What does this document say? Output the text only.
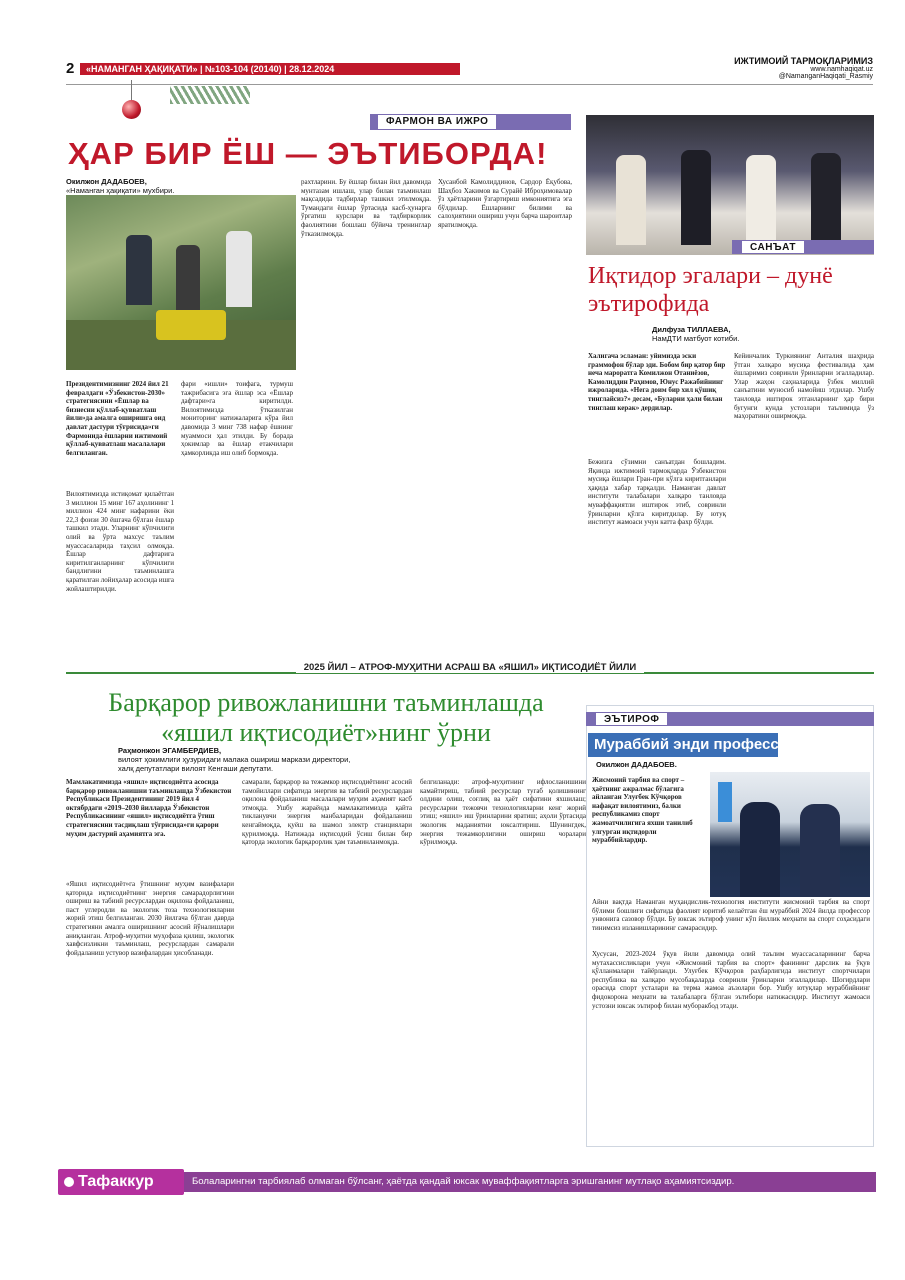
2	«НАМАНГАН ҲАҚИҚАТИ» | №103-104 (20140) | 28.12.2024
ИЖТИМОИЙ ТАРМОҚЛАРИМИЗ
www.namhaqiqat.uz
@NamanganHaqiqati_Rasmiy
ФАРМОН ВА ИЖРО
ҲАР БИР ЁШ — ЭЪТИБОРДА!
Окилжон ДАДАБОЕВ,
«Наманган ҳақиқати» мухбири.
Президентимизнинг 2024 йил 21 февралдаги «Ўзбекистон-2030» стратегиясини «Ёшлар ва бизнесни қўллаб-қувватлаш йили»да амалга оширишга оид давлат дастури тўғрисида»ги Фармонида ёшларни ижтимоий қўллаб-қувватлаш масалалари белгиланган.
Вилоятимизда истиқомат қилаётган 3 миллион 15 минг 167 аҳолининг 1 миллион 424 минг нафарини ёки 22,3 фоизи 30 ёшгача бўлган ёшлар ташкил этади. Уларнинг кўпчилиги олий ва ўрта махсус таълим муассасаларида таҳсил олмоқда. Ёшлар дафтарига киритилганларнинг кўпчилиги бандлигини таъминлашга қаратилган лойиҳалар асосида ишга жойлаштирилди.
фари «ишли» тоифага, турмуш тажрибасига эга ёшлар эса «Ёшлар дафтари»га киритилди. Вилоятимизда ўтказилган мониторинг натижаларига кўра йил давомида 3 минг 738 нафар ёшнинг муаммоси ҳал этилди. Бу борада ҳокимлар ва ёшлар етакчилари ҳамкорликда иш олиб бормоқда.
рахтларини. Бу ёшлар билан йил давомида мунтазам ишлаш, улар билан таъминлаш мақсадида тадбирлар ташкил этилмоқда. Тумандаги ёшлар ўртасида касб-ҳунарга ўргатиш курслари ва тадбиркорлик фаолиятини бошлаш бўйича тренинглар ўтказилмоқда.
Хусанбой Камолиддинов, Сардор Ёқубова, Шаҳбоз Хакимов ва Сурайё Иброҳимовалар ўз ҳаётларини ўзгартириш имкониятига эга бўлдилар. Ёшларнинг билими ва салоҳиятини ошириш учун барча шароитлар яратилмоқда.
САНЪАТ
Иқтидор эгалари – дунё эътирофида
Дилфуза ТИЛЛАЕВА,
НамДТИ матбуот котиби.
Халигача эсламан: уйимизда эски граммофон бўлар эди. Бобом бир қатор бир неча мароратга Комилжон Отаниёзов, Камолиддин Раҳимов, Юнус Ражабийнинг ижроларида. «Нега доим бир хил қўшиқ тинглайсиз?» десам, «Буларни ҳали билан тинглаш керак» дердилар.
Бежизга сўзимни санъатдан бошладим. Яқинда ижтимоий тармоқларда Ўзбекистон мусиқа ёшлари Гран-при кўлга киритганлари ҳақида хабар тарқалди. Наманган давлат институти талабалари халқаро танловда муваффақиятли иштирок этиб, совринли ўринларни қўлга киритдилар. Бу ютуқ институт жамоаси учун катта фахр бўлди.
Кейинчалик Туркиянинг Анталия шаҳрида ўтган халқаро мусиқа фестивалида ҳам ёшларимиз совринли ўринларни эгалладилар. Улар жаҳон саҳналарида ўзбек миллий санъатини муносиб намойиш этдилар. Ушбу танловда иштирок этганларнинг ҳар бири бугунги кунда устозлари таълимида ўз маҳоратини оширмоқда.
2025 ЙИЛ – АТРОФ-МУҲИТНИ АСРАШ ВА «ЯШИЛ» ИҚТИСОДИЁТ ЙИЛИ
Барқарор ривожланишни таъминлашда
«яшил иқтисодиёт»нинг ўрни
Раҳмонжон ЭГАМБЕРДИЕВ,
вилоят ҳокимлиги ҳузуридаги малака ошириш маркази директори,
халқ депутатлари вилоят Кенгаши депутати.
Мамлакатимизда «яшил» иқтисодиётга асосида барқарор ривожланишни таъминлашда Ўзбекистон Республикаси Президентининг 2019 йил 4 октябрдаги «2019–2030 йилларда Ўзбекистон Республикасининг «яшил» иқтисодиётга ўтиш стратегиясини тасдиқлаш тўғрисида»ги қарори муҳим дастурий аҳамиятга эга.
«Яшил иқтисодиёт»га ўтишнинг муҳим вазифалари қаторида иқтисодиётнинг энергия самарадорлигини ошириш ва табиий ресурслардан оқилона фойдаланиш, паст углеродли ва экологик тоза технологияларни жорий этиш белгиланган. 2030 йилгача бўлган даврда стратегияни амалга оширишнинг асосий йўналишлари аниқланган. Атроф-муҳитни муҳофаза қилиш, экологик хавфсизликни таъминлаш, ресурслардан самарали фойдаланиш устувор вазифалардан ҳисобланади.
самарали, барқарор ва тежамкор иқтисодиётнинг асосий тамойиллари сифатида энергия ва табиий ресурслардан оқилона фойдаланиш масалалари муҳим аҳамият касб этмоқда. Ушбу жараёнда мамлакатимизда қайта тикланувчи энергия манбаларидан фойдаланиш кенгаймоқда, қуёш ва шамол электр станциялари қурилмоқда. Натижада иқтисодий ўсиш билан бир қаторда экологик барқарорлик ҳам таъминланмоқда.
белгиланади: атроф-муҳитнинг ифлосланишини камайтириш, табиий ресурслар тугаб қолишининг олдини олиш, соғлиқ ва ҳаёт сифатини яхшилаш; ресурсларни тежовчи технологияларни кенг жорий этиш; «яшил» иш ўринларини яратиш; аҳоли ўртасида экологик маданиятни юксалтириш. Шунингдек, энергия тежамкорлигини ошириш чоралари кўрилмоқда.
ЭЪТИРОФ
Мураббий энди профессор
Окилжон ДАДАБОЕВ.
Жисмоний тарбия ва спорт – ҳаётнинг ажралмас бўлагига айланган Улуғбек Кўчқоров нафақат вилоятимиз, балки республикамиз спорт жамоатчилигига яхши танилиб улгурган иқтидорли мураббийлардир.
Айни вақтда Наманган муҳандислик-технология институти жисмоний тарбия ва спорт бўлими бошлиғи сифатида фаолият юритиб келаётган ёш мураббий 2024 йилда профессор унвонига сазовор бўлди. Бу юксак эътироф унинг кўп йиллик меҳнати ва спорт соҳасидаги тинимсиз изланишларининг самарасидир.
Хусусан, 2023-2024 ўқув йили давомида олий таълим муассасаларининг барча мутахассисликлари учун «Жисмоний тарбия ва спорт» фанининг дарслик ва ўқув қўлланмалари тайёрланди. Улуғбек Кўчқоров раҳбарлигида институт спортчилари республика ва халқаро мусобақаларда совринли ўринларни эгалладилар. Шогирдлари орасида спорт усталари ва терма жамоа аъзолари бор. Ушбу ютуқлар мураббийнинг фидокорона меҳнати ва талабаларга бўлган эътибори натижасидир. Институт жамоаси устозни юксак эътироф билан муборакбод этади.
Тафаккур	Болаларингни тарбиялаб олмаган бўлсанг, ҳаётда қандай юксак муваффақиятларга эришганинг мутлақо аҳамиятсиздир.
